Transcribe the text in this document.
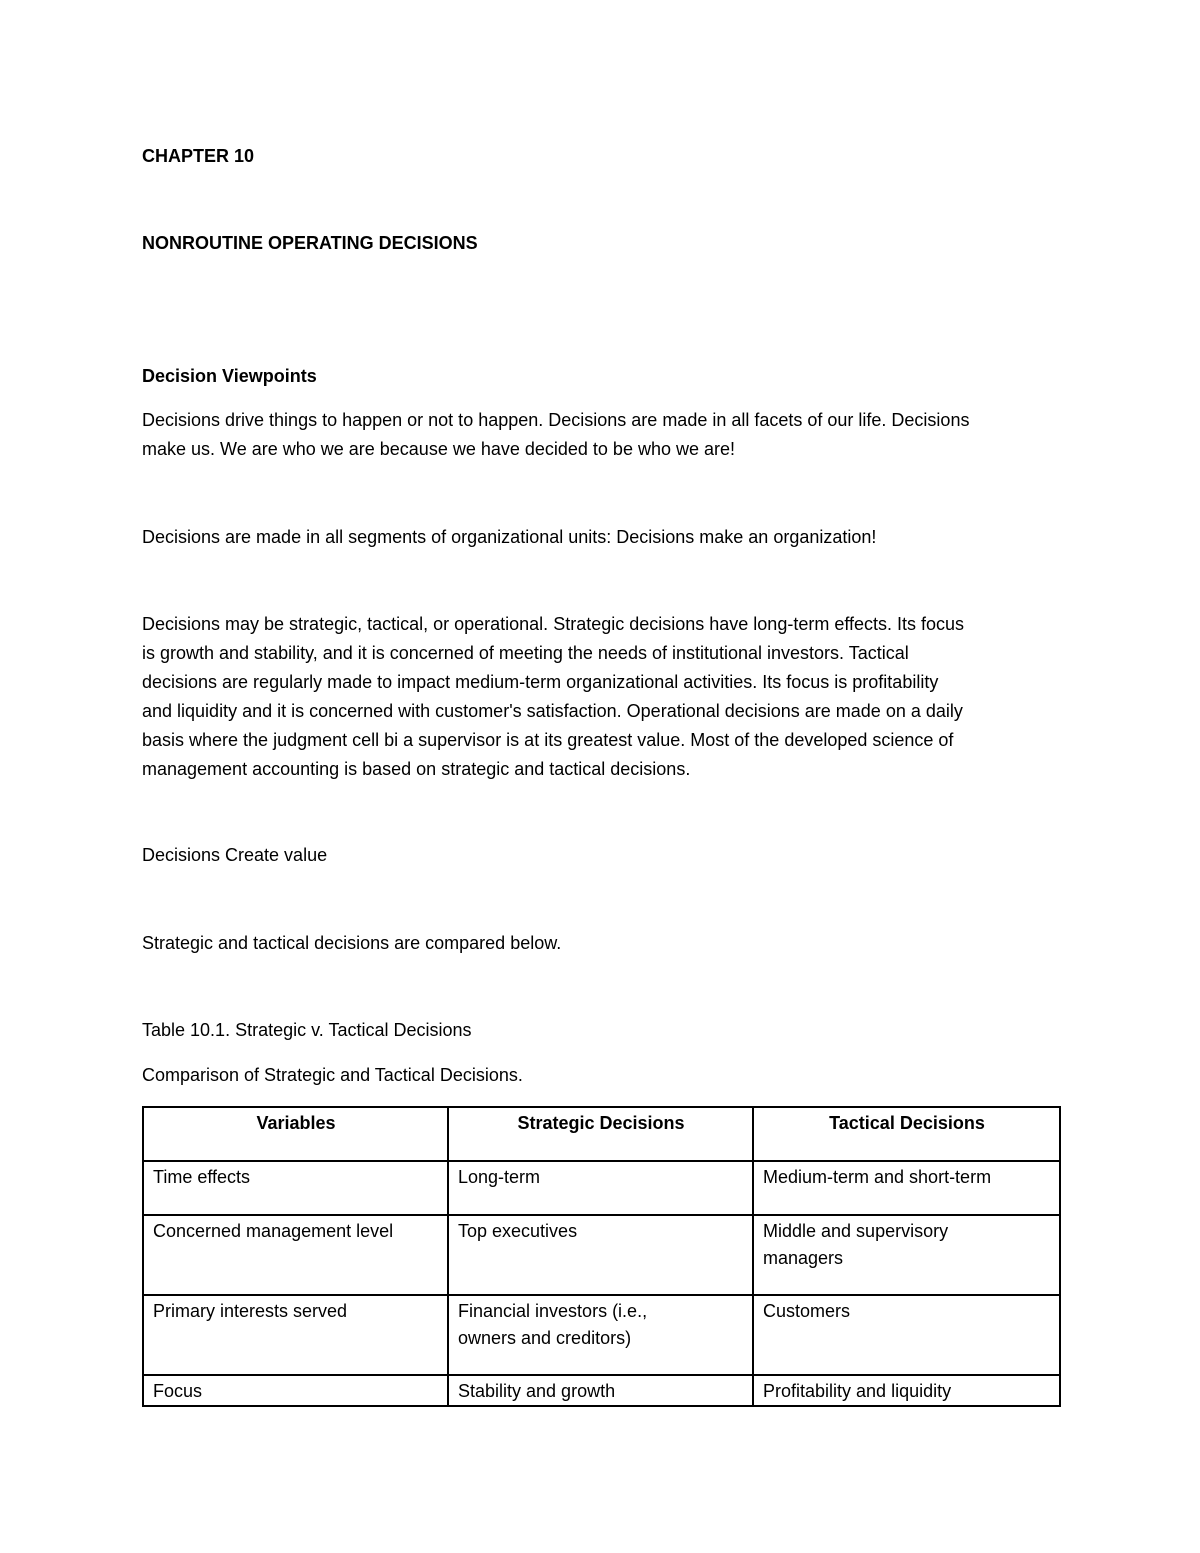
CHAPTER 10

NONROUTINE OPERATING DECISIONS

Decision Viewpoints

Decisions drive things to happen or not to happen. Decisions are made in all facets of our life. Decisions
make us. We are who we are because we have decided to be who we are!

Decisions are made in all segments of organizational units: Decisions make an organization!

Decisions may be strategic, tactical, or operational. Strategic decisions have long-term effects. Its focus
is growth and stability, and it is concerned of meeting the needs of institutional investors. Tactical
decisions are regularly made to impact medium-term organizational activities. Its focus is profitability
and liquidity and it is concerned with customer's satisfaction. Operational decisions are made on a daily
basis where the judgment cell bi a supervisor is at its greatest value. Most of the developed science of
management accounting is based on strategic and tactical decisions.

Decisions Create value

Strategic and tactical decisions are compared below.

Table 10.1. Strategic v. Tactical Decisions

Comparison of Strategic and Tactical Decisions.

Variables	Strategic Decisions	Tactical Decisions

Time effects	Long-term	Medium-term and short-term

Concerned management level	Top executives	Middle and supervisory
managers

Primary interests served	Financial investors (i.e.,
owners and creditors)	Customers

Focus	Stability and growth	Profitability and liquidity
